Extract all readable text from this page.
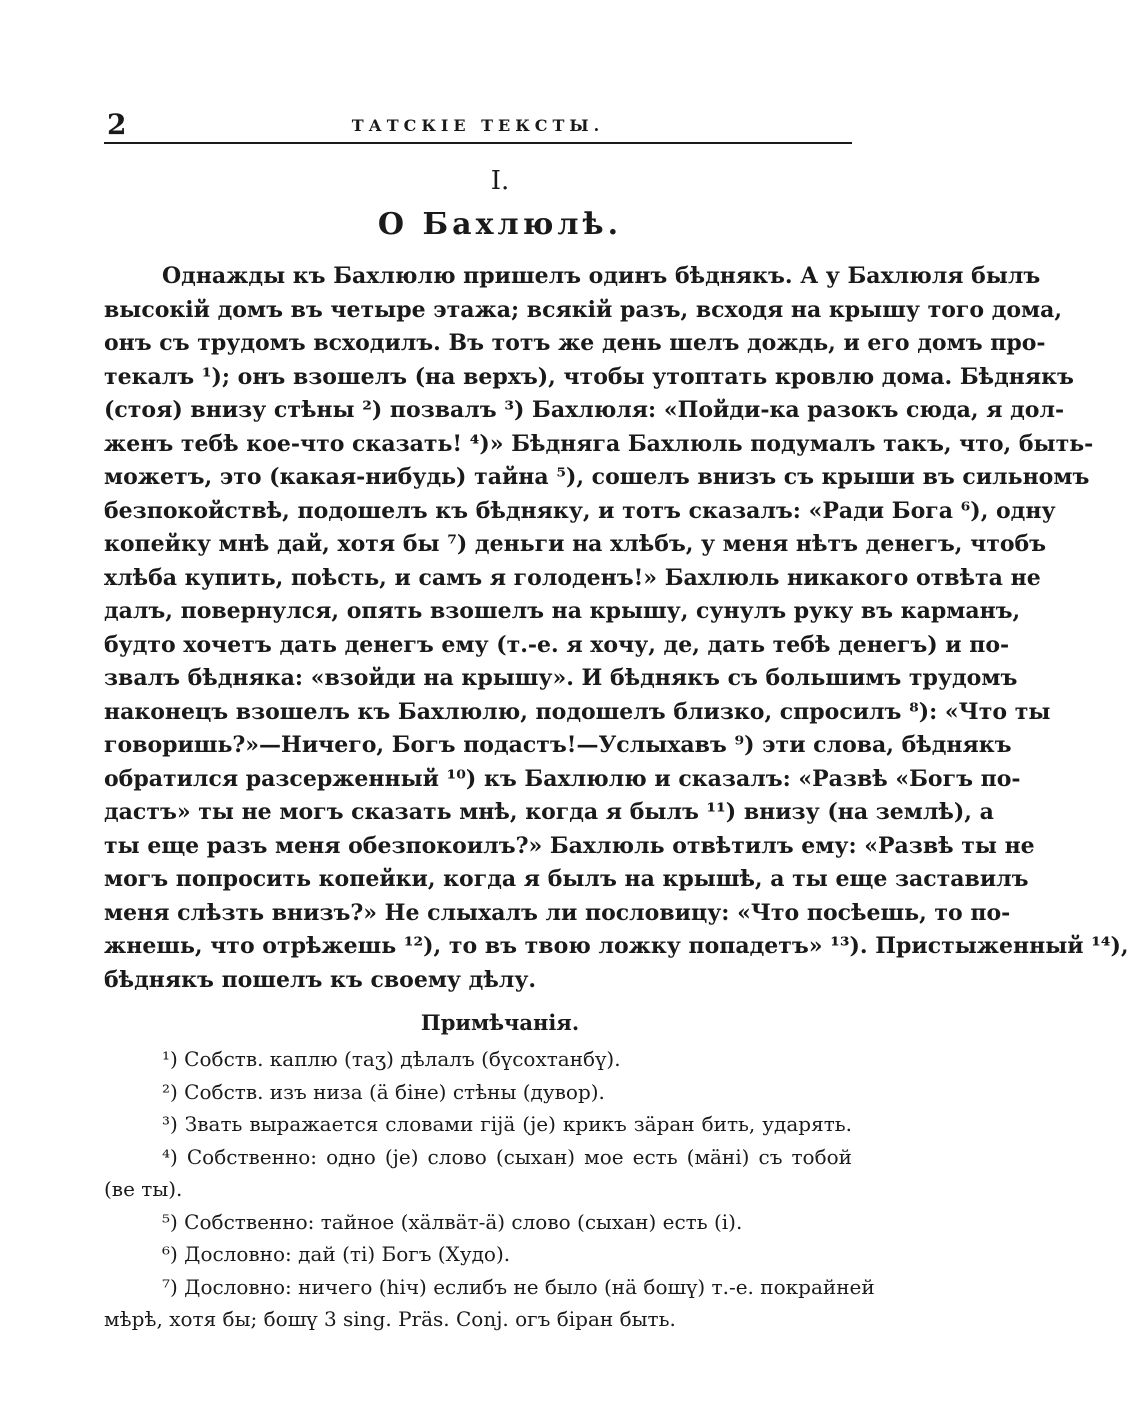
2	ТАТСКІЕ ТЕКСТЫ.
I.
О Бахлюлѣ.
Однажды къ Бахлюлю пришелъ одинъ бѣднякъ. А у Бахлюля былъ
высокій домъ въ четыре этажа; всякій разъ, всходя на крышу того дома,
онъ съ трудомъ всходилъ. Въ тотъ же день шелъ дождь, и его домъ про-
текалъ ¹); онъ взошелъ (на верхъ), чтобы утоптать кровлю дома. Бѣднякъ
(стоя) внизу стѣны ²) позвалъ ³) Бахлюля: «Пойди-ка разокъ сюда, я дол-
женъ тебѣ кое-что сказать! ⁴)» Бѣдняга Бахлюль подумалъ такъ, что, быть-
можетъ, это (какая-нибудь) тайна ⁵), сошелъ внизъ съ крыши въ сильномъ
безпокойствѣ, подошелъ къ бѣдняку, и тотъ сказалъ: «Ради Бога ⁶), одну
копейку мнѣ дай, хотя бы ⁷) деньги на хлѣбъ, у меня нѣтъ денегъ, чтобъ
хлѣба купить, поѣсть, и самъ я голоденъ!» Бахлюль никакого отвѣта не
далъ, повернулся, опять взошелъ на крышу, сунулъ руку въ карманъ,
будто хочетъ дать денегъ ему (т.-е. я хочу, де, дать тебѣ денегъ) и по-
звалъ бѣдняка: «взойди на крышу». И бѣднякъ съ большимъ трудомъ
наконецъ взошелъ къ Бахлюлю, подошелъ близко, спросилъ ⁸): «Что ты
говоришь?»—Ничего, Богъ подастъ!—Услыхавъ ⁹) эти слова, бѣднякъ
обратился разсерженный ¹⁰) къ Бахлюлю и сказалъ: «Развѣ «Богъ по-
дастъ» ты не могъ сказать мнѣ, когда я былъ ¹¹) внизу (на землѣ), а
ты еще разъ меня обезпокоилъ?» Бахлюль отвѣтилъ ему: «Развѣ ты не
могъ попросить копейки, когда я былъ на крышѣ, а ты еще заставилъ
меня слѣзть внизъ?» Не слыхалъ ли пословицу: «Что посѣешь, то по-
жнешь, что отрѣжешь ¹²), то въ твою ложку попадетъ» ¹³). Пристыженный ¹⁴),
бѣднякъ пошелъ къ своему дѣлу.
Примѣчанія.
¹) Собств. каплю (таӡ) дѣлалъ (бүсохтанбү).
²) Собств. изъ низа (ä біне) стѣны (дувор).
³) Звать выражается словами гіjä (je) крикъ зäран бить, ударять.
⁴) Собственно: одно (je) слово (сыхан) мое есть (мäні) съ тобой
(ве ты).
⁵) Собственно: тайное (хäлвäт-ä) слово (сыхан) есть (i).
⁶) Дословно: дай (ті) Богъ (Худо).
⁷) Дословно: ничего (hiч) еслибъ не было (нä бошү) т.-е. покрайней
мѣрѣ, хотя бы; бошү 3 sing. Präs. Conj. огъ біран быть.
